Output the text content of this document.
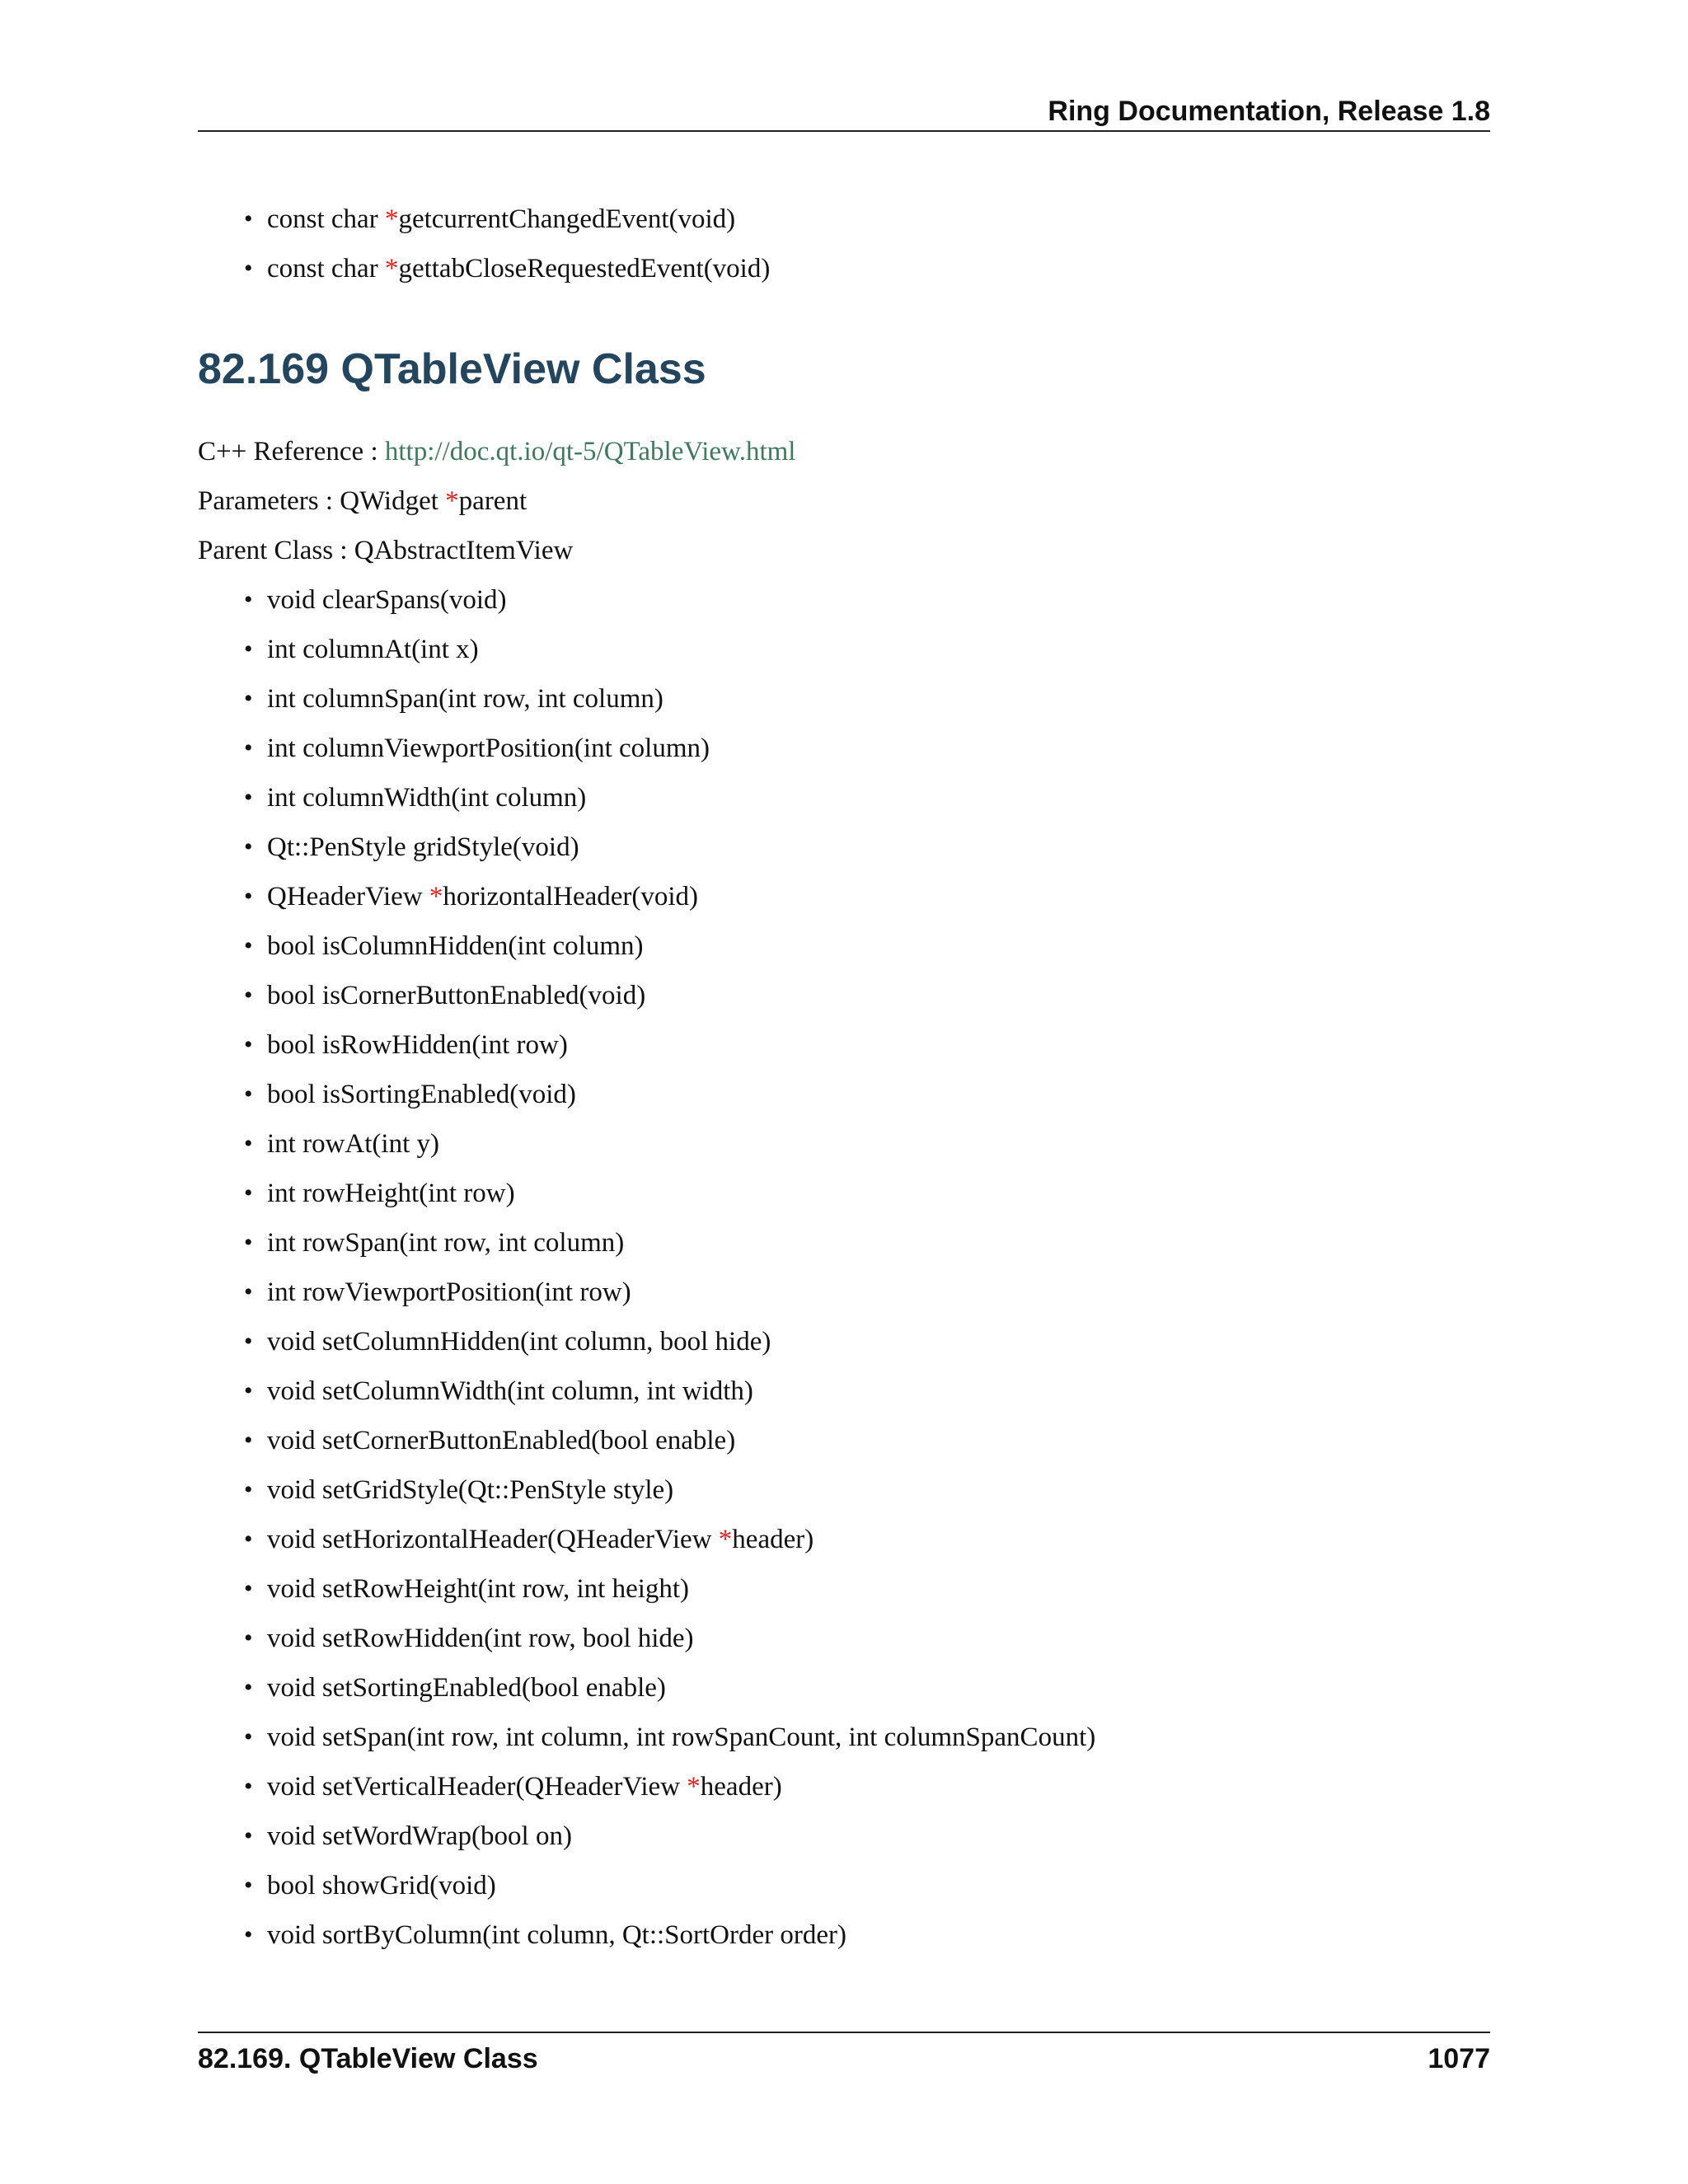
Ring Documentation, Release 1.8
• const char *getcurrentChangedEvent(void)
• const char *gettabCloseRequestedEvent(void)
82.169 QTableView Class
C++ Reference : http://doc.qt.io/qt-5/QTableView.html
Parameters : QWidget *parent
Parent Class : QAbstractItemView
• void clearSpans(void)
• int columnAt(int x)
• int columnSpan(int row, int column)
• int columnViewportPosition(int column)
• int columnWidth(int column)
• Qt::PenStyle gridStyle(void)
• QHeaderView *horizontalHeader(void)
• bool isColumnHidden(int column)
• bool isCornerButtonEnabled(void)
• bool isRowHidden(int row)
• bool isSortingEnabled(void)
• int rowAt(int y)
• int rowHeight(int row)
• int rowSpan(int row, int column)
• int rowViewportPosition(int row)
• void setColumnHidden(int column, bool hide)
• void setColumnWidth(int column, int width)
• void setCornerButtonEnabled(bool enable)
• void setGridStyle(Qt::PenStyle style)
• void setHorizontalHeader(QHeaderView *header)
• void setRowHeight(int row, int height)
• void setRowHidden(int row, bool hide)
• void setSortingEnabled(bool enable)
• void setSpan(int row, int column, int rowSpanCount, int columnSpanCount)
• void setVerticalHeader(QHeaderView *header)
• void setWordWrap(bool on)
• bool showGrid(void)
• void sortByColumn(int column, Qt::SortOrder order)
82.169. QTableView Class	1077
